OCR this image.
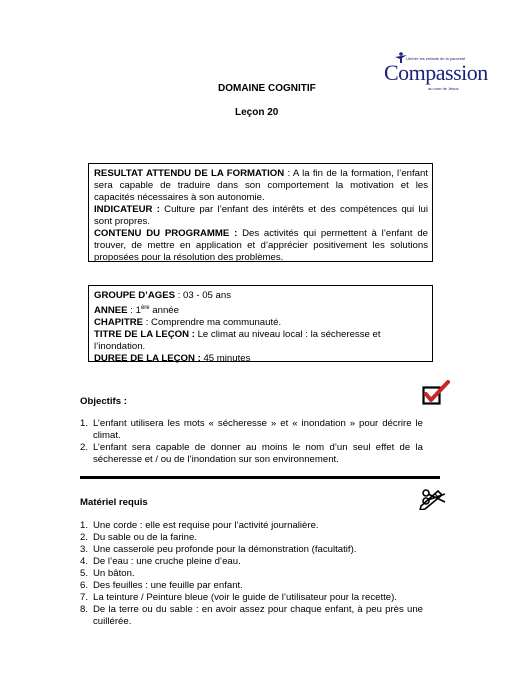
DOMAINE COGNITIF
Leçon 20
Libérer les enfants de la pauvreté
Compassion
au nom de Jésus

RESULTAT ATTENDU DE LA FORMATION : A la fin de la formation, l’enfant sera capable de traduire dans son comportement la motivation et les capacités nécessaires à son autonomie.

INDICATEUR : Culture par l’enfant des intérêts et des compétences qui lui sont propres.

CONTENU DU PROGRAMME : Des activités qui permettent à l’enfant de trouver, de mettre en application et d’apprécier positivement les solutions proposées pour la résolution des problèmes.

GROUPE D’AGES : 03 - 05 ans

ANNEE : 1ère année

CHAPITRE : Comprendre ma communauté.

TITRE DE LA LEÇON : Le climat au niveau local : la sécheresse et l’inondation.

DUREE DE LA LEÇON : 45 minutes

Objectifs :
1. L’enfant utilisera les mots « sécheresse » et « inondation » pour décrire le climat.
2. L’enfant sera capable de donner au moins le nom d’un seul effet de la sécheresse et / ou de l’inondation sur son environnement.
Matériel requis
1. Une corde : elle est requise pour l’activité journalière.
2. Du sable ou de la farine.
3. Une casserole peu profonde pour la démonstration (facultatif).
4. De l’eau : une cruche pleine d’eau.
5. Un bâton.
6. Des feuilles : une feuille par enfant.
7. La teinture / Peinture bleue (voir le guide de l’utilisateur pour la recette).
8. De la terre ou du sable : en avoir assez pour chaque enfant, à peu près une cuillérée.
